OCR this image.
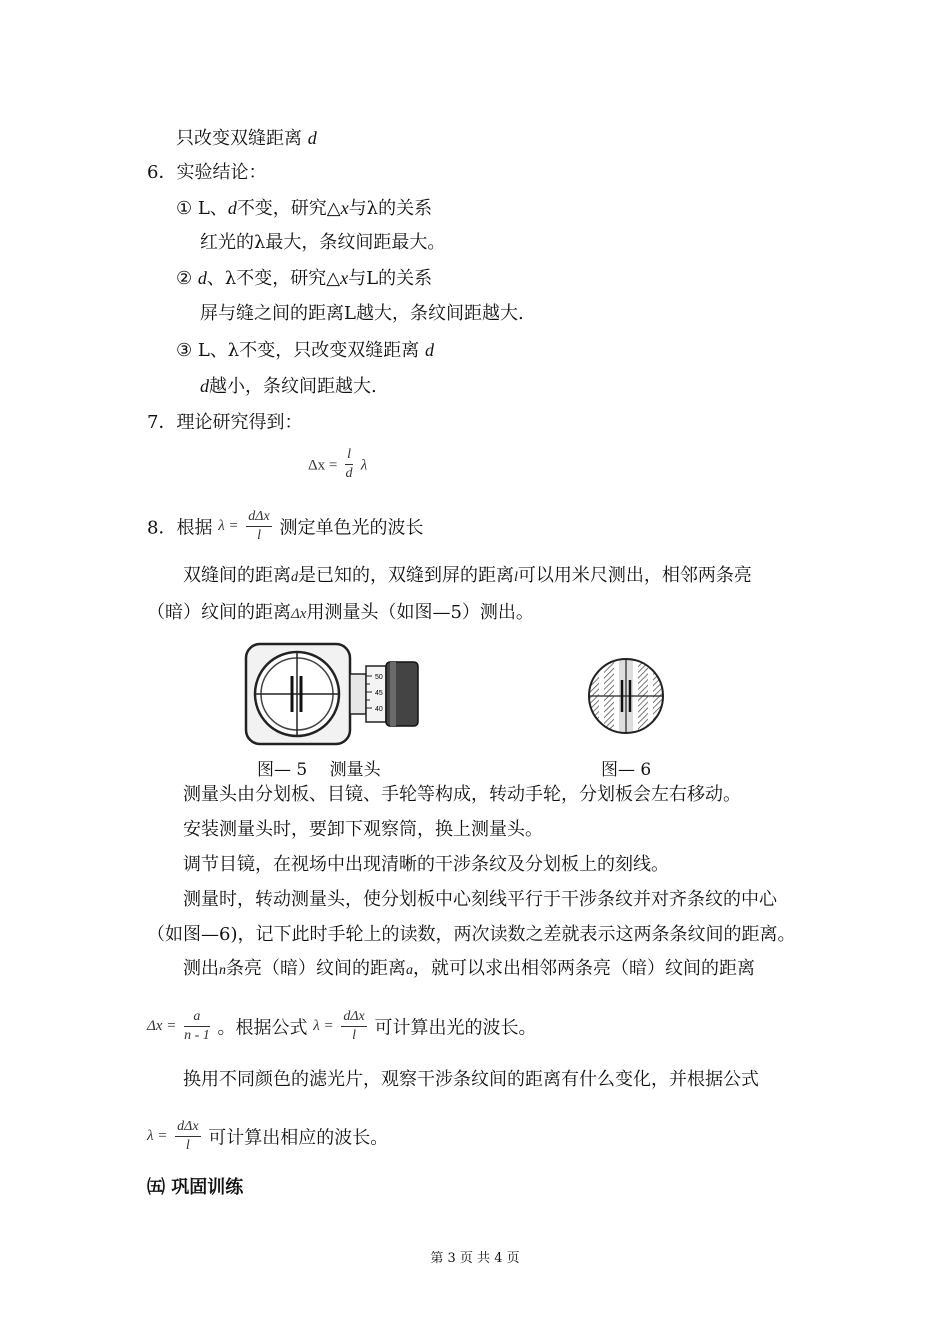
只改变双缝距离 d
6．实验结论：
① L、d不变，研究△x与λ的关系
红光的λ最大，条纹间距最大。
② d、λ不变，研究△x与L的关系
屏与缝之间的距离L越大，条纹间距越大.
③ L、λ不变，只改变双缝距离 d
d越小，条纹间距越大.
7．理论研究得到：
$\Delta x = \frac{l}{d}$ λ
8．根据 $\lambda = \frac{\text{dΔx}}{l}$ 测定单色光的波长
双缝间的距离d是已知的，双缝到屏的距离l可以用米尺测出，相邻两条亮
（暗）纹间的距离Δx用测量头（如图—5）测出。
50
45
40
图— 5　 测量头	图— 6
测量头由分划板、目镜、手轮等构成，转动手轮，分划板会左右移动。
安装测量头时，要卸下观察筒，换上测量头。
调节目镜，在视场中出现清晰的干涉条纹及分划板上的刻线。
测量时，转动测量头，使分划板中心刻线平行于干涉条纹并对齐条纹的中心
（如图—6)，记下此时手轮上的读数，两次读数之差就表示这两条条纹间的距离。
测出n条亮（暗）纹间的距离a，就可以求出相邻两条亮（暗）纹间的距离
$\Delta x = \frac{a}{n - 1}$ 。根据公式 $\lambda = \frac{\text{dΔx}}{l}$ 可计算出光的波长。
换用不同颜色的滤光片，观察干涉条纹间的距离有什么变化，并根据公式
$\lambda = \frac{\text{dΔx}}{l}$ 可计算出相应的波长。
㈤ 巩固训练
第 3 页 共 4 页
